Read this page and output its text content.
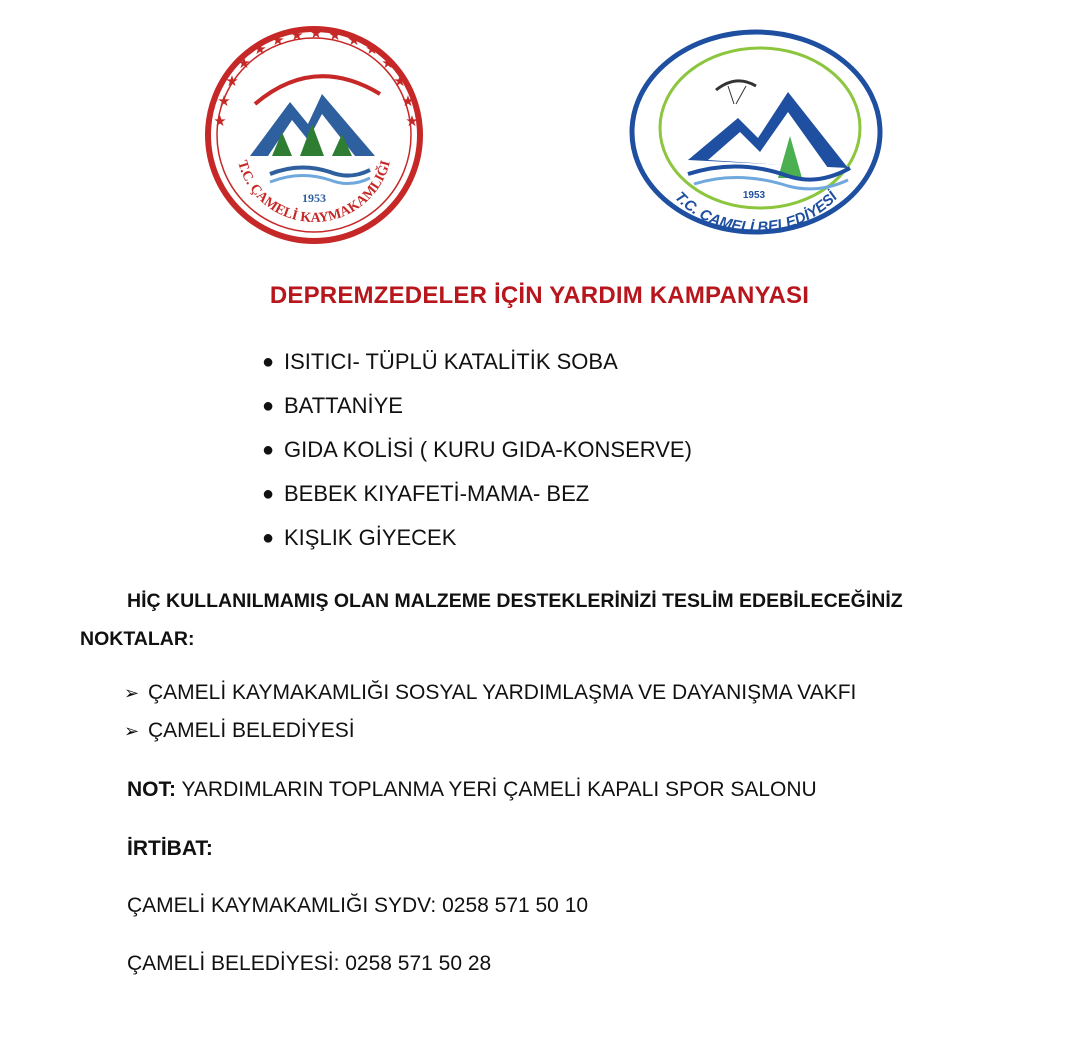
★ ★ ★ ★ ★ ★ ★
★	★
★	★
★	★
★	★
1953
T.C. ÇAMELİ KAYMAKAMLIĞI
1953
T.C. ÇAMELİ BELEDİYESİ
DEPREMZEDELER İÇİN YARDIM KAMPANYASI
● ISITICI- TÜPLÜ KATALİTİK SOBA
● BATTANİYE
● GIDA KOLİSİ ( KURU GIDA-KONSERVE)
● BEBEK KIYAFETİ-MAMA- BEZ
● KIŞLIK GİYECEK
HİÇ KULLANILMAMIŞ OLAN MALZEME DESTEKLERİNİZİ TESLİM EDEBİLECEĞİNİZ
NOKTALAR:
➢ ÇAMELİ KAYMAKAMLIĞI SOSYAL YARDIMLAŞMA VE DAYANIŞMA VAKFI
➢ ÇAMELİ BELEDİYESİ
NOT: YARDIMLARIN TOPLANMA YERİ ÇAMELİ KAPALI SPOR SALONU
İRTİBAT:
ÇAMELİ KAYMAKAMLIĞI SYDV: 0258 571 50 10
ÇAMELİ BELEDİYESİ: 0258 571 50 28
